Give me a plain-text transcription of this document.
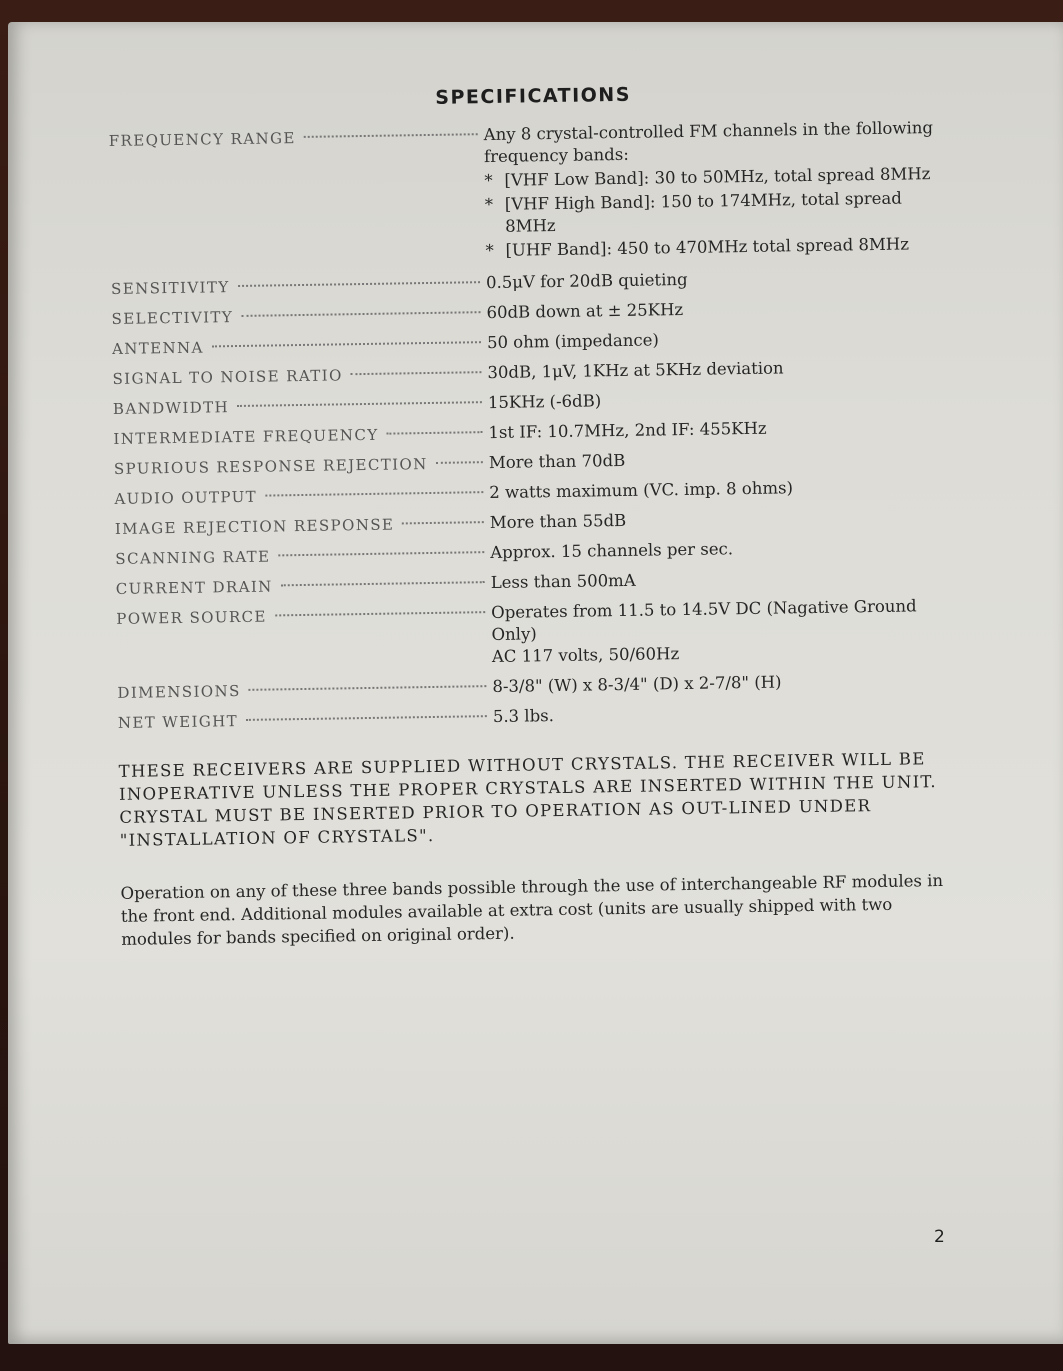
SPECIFICATIONS
FREQUENCY RANGE	Any 8 crystal-controlled FM channels in the following frequency bands:
* [VHF Low Band]: 30 to 50MHz, total spread 8MHz
* [VHF High Band]: 150 to 174MHz, total spread 8MHz
* [UHF Band]: 450 to 470MHz total spread 8MHz
SENSITIVITY	0.5μV for 20dB quieting
SELECTIVITY	60dB down at ± 25KHz
ANTENNA	50 ohm (impedance)
SIGNAL TO NOISE RATIO	30dB, 1μV, 1KHz at 5KHz deviation
BANDWIDTH	15KHz (-6dB)
INTERMEDIATE FREQUENCY	1st IF: 10.7MHz, 2nd IF: 455KHz
SPURIOUS RESPONSE REJECTION	More than 70dB
AUDIO OUTPUT	2 watts maximum (VC. imp. 8 ohms)
IMAGE REJECTION RESPONSE	More than 55dB
SCANNING RATE	Approx. 15 channels per sec.
CURRENT DRAIN	Less than 500mA
POWER SOURCE	Operates from 11.5 to 14.5V DC (Nagative Ground Only)
AC 117 volts, 50/60Hz
DIMENSIONS	8-3/8" (W) x 8-3/4" (D) x 2-7/8" (H)
NET WEIGHT	5.3 lbs.

THESE RECEIVERS ARE SUPPLIED WITHOUT CRYSTALS. THE RECEIVER WILL BE INOPERATIVE UNLESS THE PROPER CRYSTALS ARE INSERTED WITHIN THE UNIT. CRYSTAL MUST BE INSERTED PRIOR TO OPERATION AS OUT-LINED UNDER "INSTALLATION OF CRYSTALS".

Operation on any of these three bands possible through the use of interchangeable RF modules in the front end. Additional modules available at extra cost (units are usually shipped with two modules for bands specified on original order).

2
